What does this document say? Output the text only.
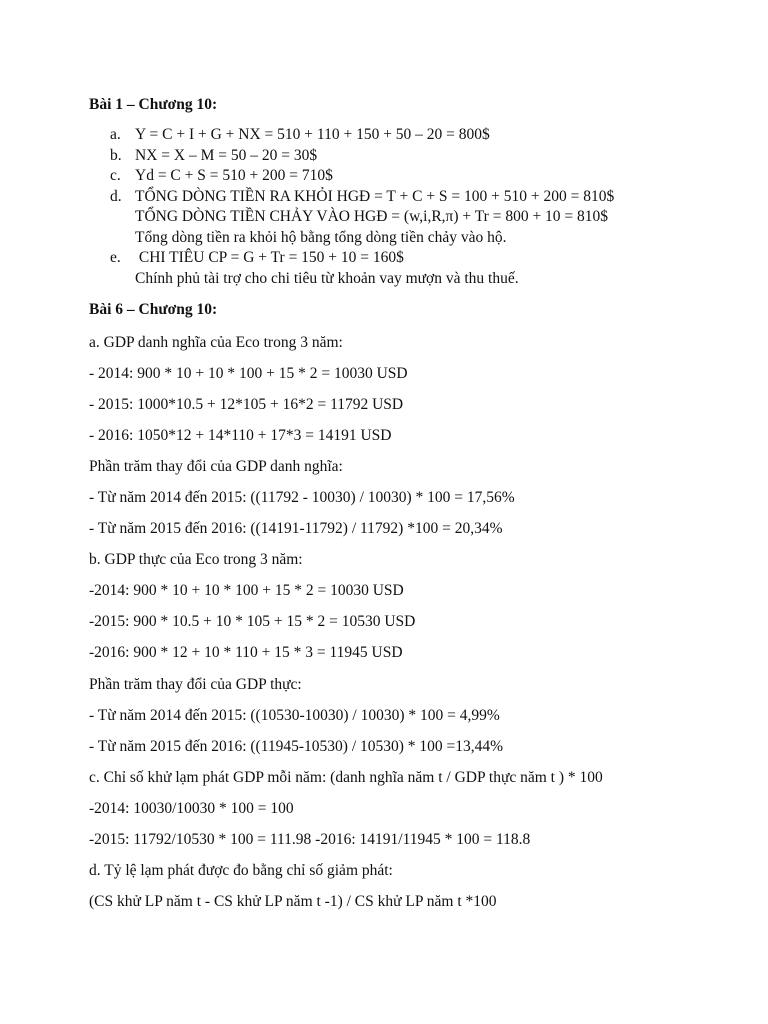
Bài 1 – Chương 10:
a. Y = C + I + G + NX = 510 + 110 + 150 + 50 – 20 = 800$
b. NX = X – M = 50 – 20 = 30$
c. Yd = C + S = 510 + 200 = 710$
d. TỔNG DÒNG TIỀN RA KHỎI HGĐ = T + C + S = 100 + 510 + 200 = 810$
TỔNG DÒNG TIỀN CHẢY VÀO HGĐ = (w,i,R,π) + Tr = 800 + 10 = 810$
Tổng dòng tiền ra khỏi hộ bằng tổng dòng tiền chảy vào hộ.
e. CHI TIÊU CP = G + Tr = 150 + 10 = 160$
Chính phủ tài trợ cho chi tiêu từ khoản vay mượn và thu thuế.
Bài 6 – Chương 10:
a. GDP danh nghĩa của Eco trong 3 năm:
- 2014: 900 * 10 + 10 * 100 + 15 * 2 = 10030 USD
- 2015: 1000*10.5 + 12*105 + 16*2 = 11792 USD
- 2016: 1050*12 + 14*110 + 17*3 = 14191 USD
Phần trăm thay đổi của GDP danh nghĩa:
- Từ năm 2014 đến 2015: ((11792 - 10030) / 10030) * 100 = 17,56%
- Từ năm 2015 đến 2016: ((14191-11792) / 11792) *100 = 20,34%
b. GDP thực của Eco trong 3 năm:
-2014: 900 * 10 + 10 * 100 + 15 * 2 = 10030 USD
-2015: 900 * 10.5 + 10 * 105 + 15 * 2 = 10530 USD
-2016: 900 * 12 + 10 * 110 + 15 * 3 = 11945 USD
Phần trăm thay đổi của GDP thực:
- Từ năm 2014 đến 2015: ((10530-10030) / 10030) * 100 = 4,99%
- Từ năm 2015 đến 2016: ((11945-10530) / 10530) * 100 =13,44%
c. Chỉ số khử lạm phát GDP mỗi năm: (danh nghĩa năm t / GDP thực năm t ) * 100
-2014: 10030/10030 * 100 = 100
-2015: 11792/10530 * 100 = 111.98 -2016: 14191/11945 * 100 = 118.8
d. Tỷ lệ lạm phát được đo bằng chỉ số giảm phát:
(CS khử LP năm t - CS khử LP năm t -1) / CS khử LP năm t *100
